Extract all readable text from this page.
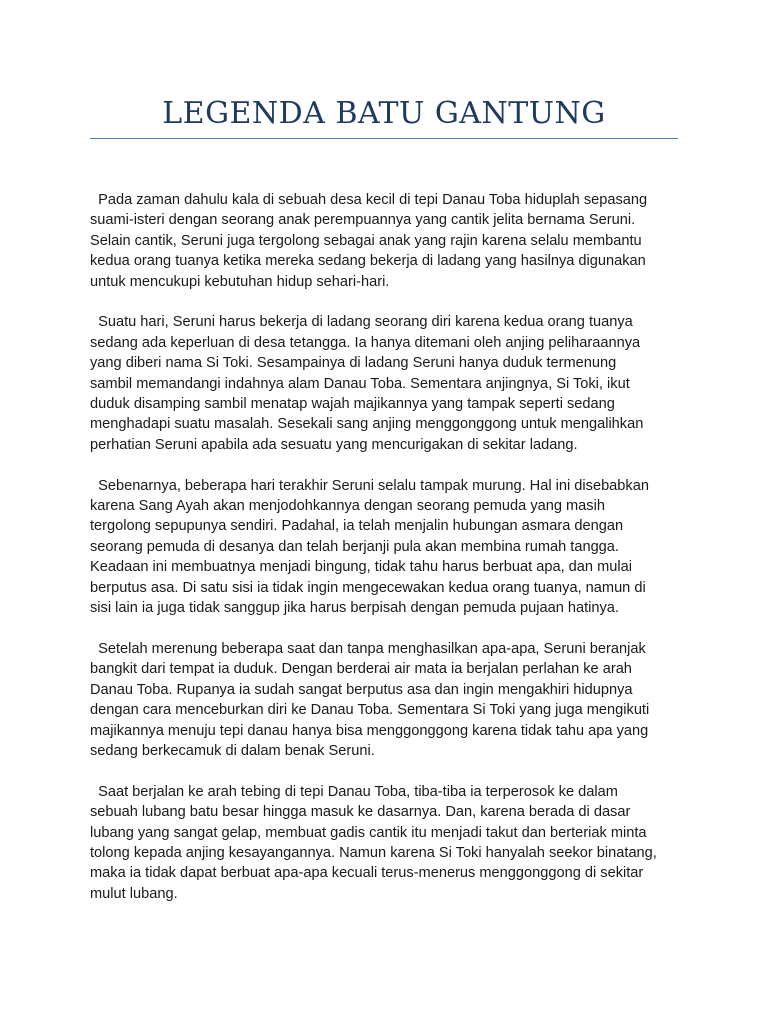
LEGENDA BATU GANTUNG

Pada zaman dahulu kala di sebuah desa kecil di tepi Danau Toba hiduplah sepasang
suami-isteri dengan seorang anak perempuannya yang cantik jelita bernama Seruni.
Selain cantik, Seruni juga tergolong sebagai anak yang rajin karena selalu membantu
kedua orang tuanya ketika mereka sedang bekerja di ladang yang hasilnya digunakan
untuk mencukupi kebutuhan hidup sehari-hari.

Suatu hari, Seruni harus bekerja di ladang seorang diri karena kedua orang tuanya
sedang ada keperluan di desa tetangga. Ia hanya ditemani oleh anjing peliharaannya
yang diberi nama Si Toki. Sesampainya di ladang Seruni hanya duduk termenung
sambil memandangi indahnya alam Danau Toba. Sementara anjingnya, Si Toki, ikut
duduk disamping sambil menatap wajah majikannya yang tampak seperti sedang
menghadapi suatu masalah. Sesekali sang anjing menggonggong untuk mengalihkan
perhatian Seruni apabila ada sesuatu yang mencurigakan di sekitar ladang.

Sebenarnya, beberapa hari terakhir Seruni selalu tampak murung. Hal ini disebabkan
karena Sang Ayah akan menjodohkannya dengan seorang pemuda yang masih
tergolong sepupunya sendiri. Padahal, ia telah menjalin hubungan asmara dengan
seorang pemuda di desanya dan telah berjanji pula akan membina rumah tangga.
Keadaan ini membuatnya menjadi bingung, tidak tahu harus berbuat apa, dan mulai
berputus asa. Di satu sisi ia tidak ingin mengecewakan kedua orang tuanya, namun di
sisi lain ia juga tidak sanggup jika harus berpisah dengan pemuda pujaan hatinya.

Setelah merenung beberapa saat dan tanpa menghasilkan apa-apa, Seruni beranjak
bangkit dari tempat ia duduk. Dengan berderai air mata ia berjalan perlahan ke arah
Danau Toba. Rupanya ia sudah sangat berputus asa dan ingin mengakhiri hidupnya
dengan cara menceburkan diri ke Danau Toba. Sementara Si Toki yang juga mengikuti
majikannya menuju tepi danau hanya bisa menggonggong karena tidak tahu apa yang
sedang berkecamuk di dalam benak Seruni.

Saat berjalan ke arah tebing di tepi Danau Toba, tiba-tiba ia terperosok ke dalam
sebuah lubang batu besar hingga masuk ke dasarnya. Dan, karena berada di dasar
lubang yang sangat gelap, membuat gadis cantik itu menjadi takut dan berteriak minta
tolong kepada anjing kesayangannya. Namun karena Si Toki hanyalah seekor binatang,
maka ia tidak dapat berbuat apa-apa kecuali terus-menerus menggonggong di sekitar
mulut lubang.
